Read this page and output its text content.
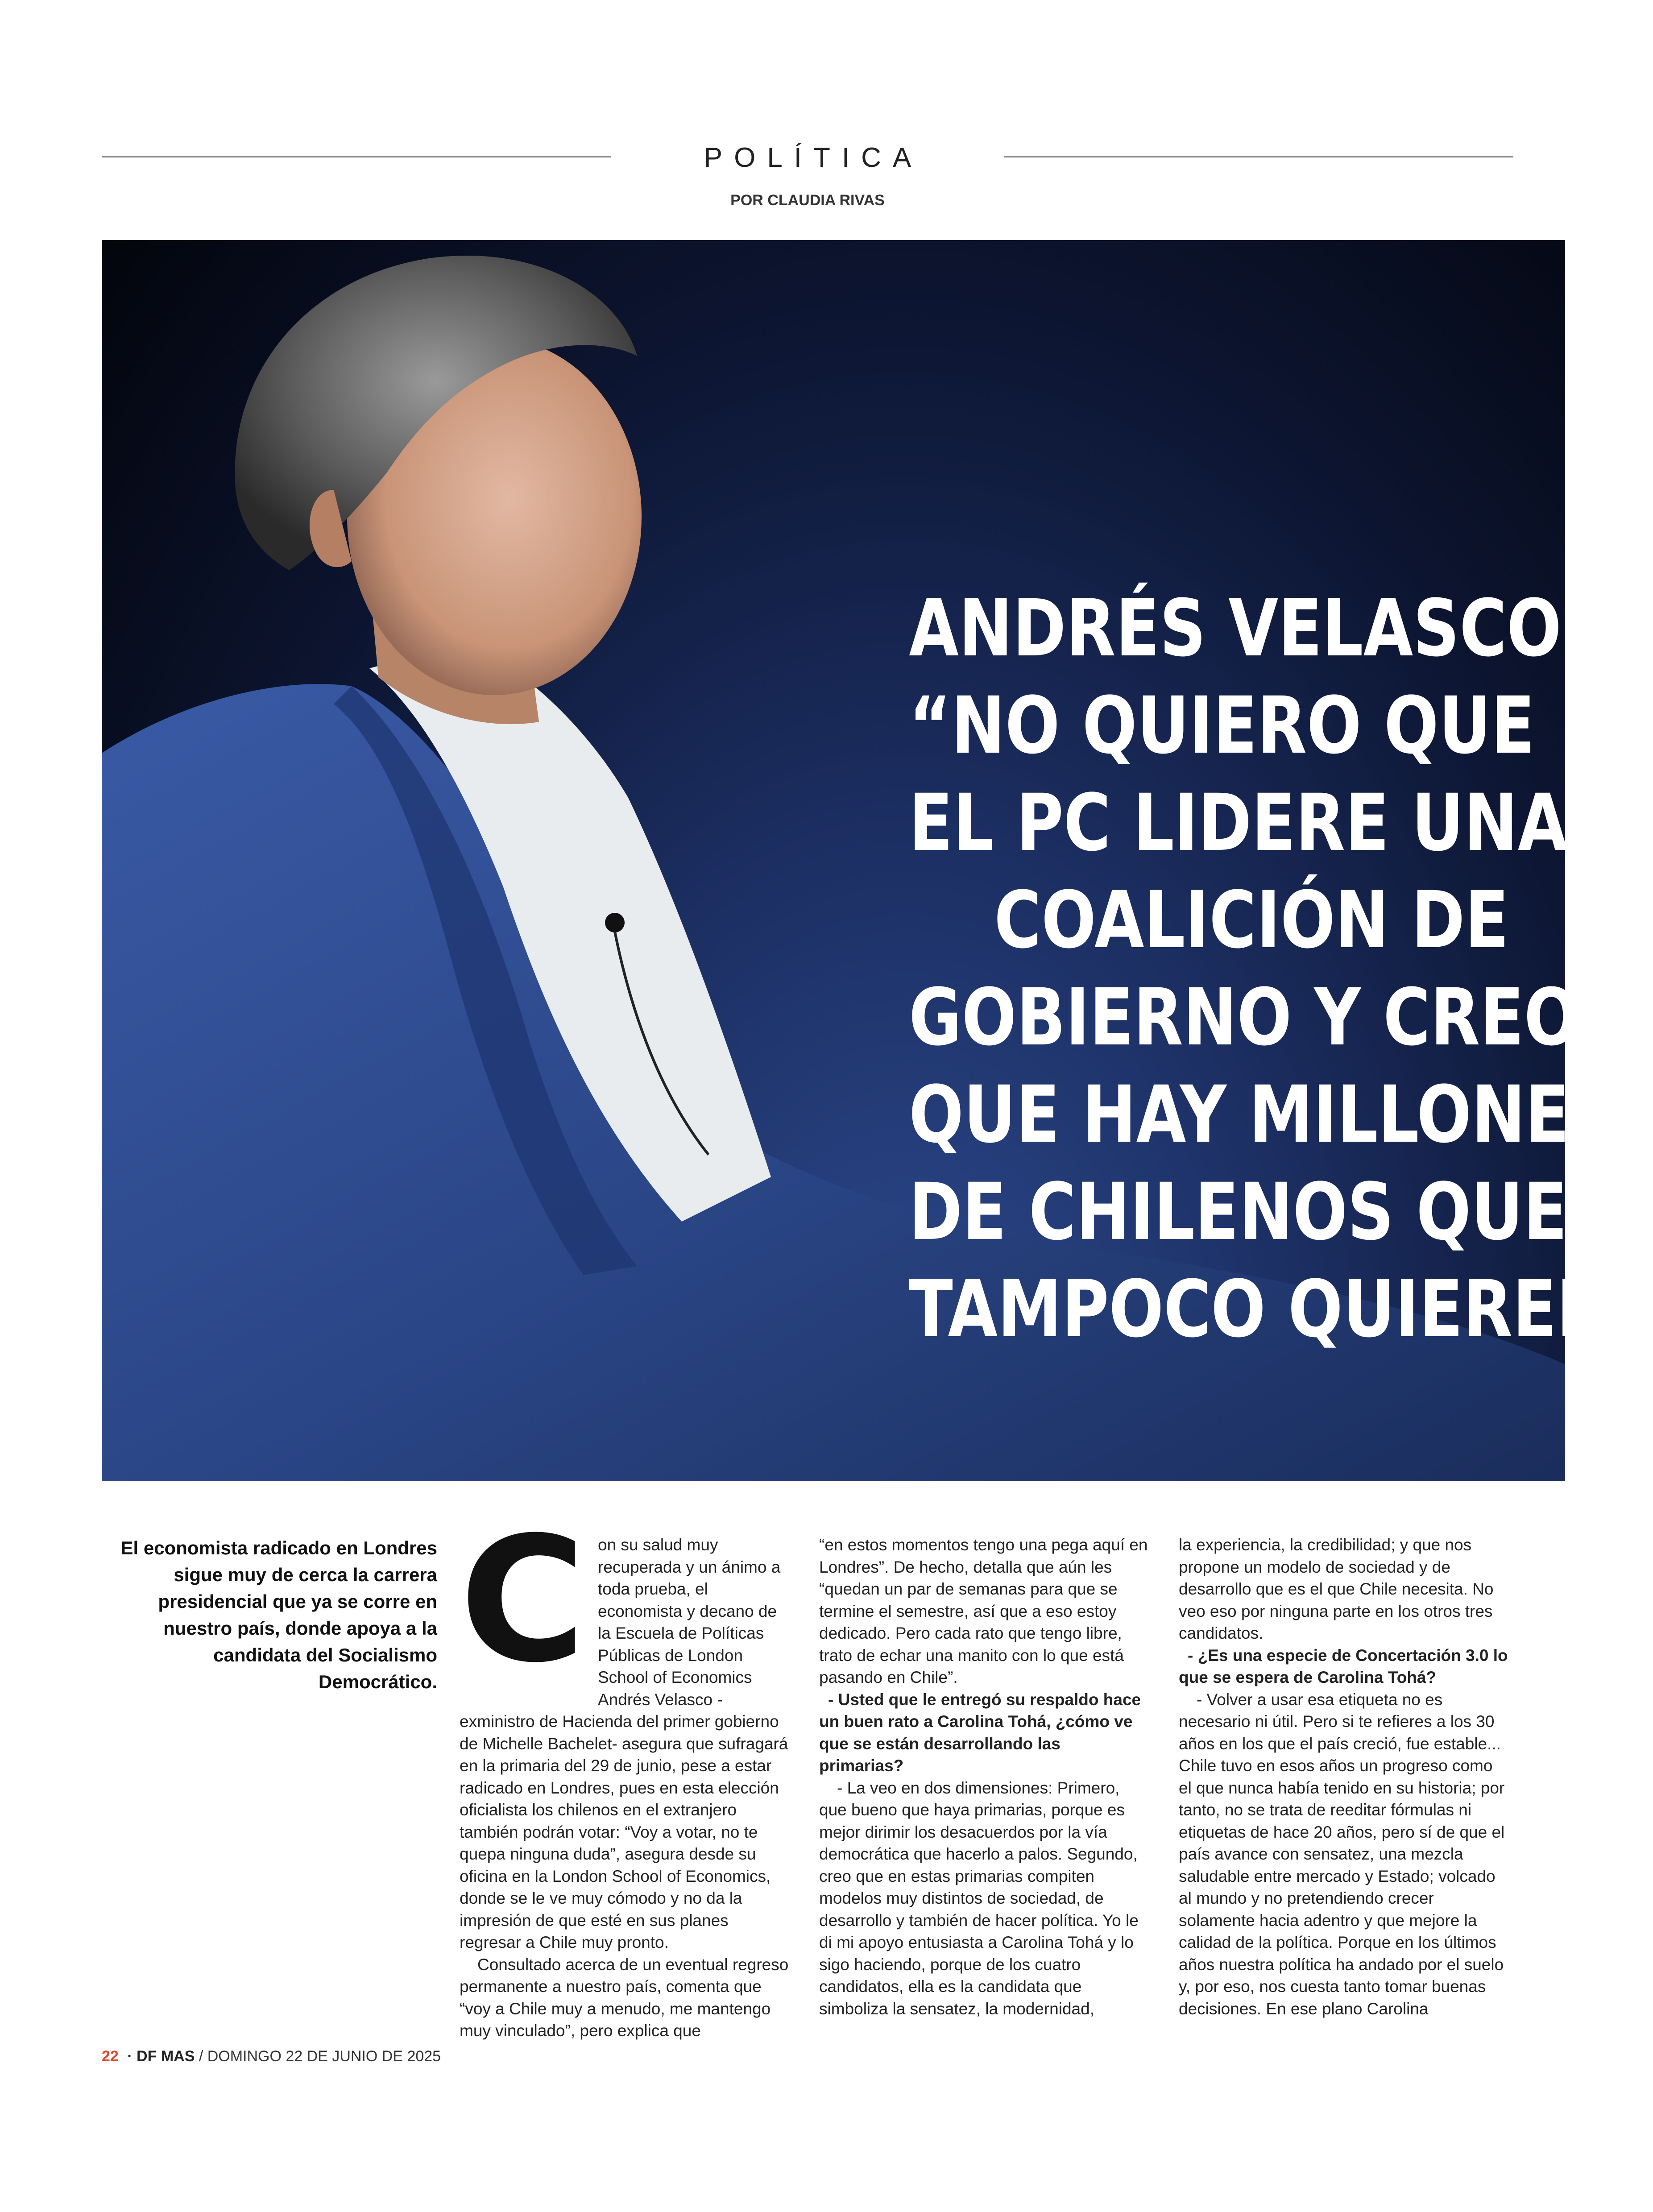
POLÍTICA
POR CLAUDIA RIVAS
ANDRÉS VELASCO:
“NO QUIERO QUE
EL PC LIDERE UNA
COALICIÓN DE
GOBIERNO Y CREO
QUE HAY MILLONES
DE CHILENOS QUE
TAMPOCO QUIEREN”

El economista radicado en Londres sigue muy de cerca la carrera presidencial que ya se corre en nuestro país, donde apoya a la candidata del Socialismo Democrático. C on su salud muy recuperada y un ánimo a toda prueba, el economista y decano de la Escuela de Políticas Públicas de London School of Economics Andrés Velasco -exministro de Hacienda del primer gobierno de Michelle Bachelet- asegura que sufragará en la primaria del 29 de junio, pese a estar radicado en Londres, pues en esta elección oficialista los chilenos en el extranjero también podrán votar: “Voy a votar, no te quepa ninguna duda”, asegura desde su oficina en la London School of Economics, donde se le ve muy cómodo y no da la impresión de que esté en sus planes regresar a Chile muy pronto.

Consultado acerca de un eventual regreso permanente a nuestro país, comenta que “voy a Chile muy a menudo, me mantengo muy vinculado”, pero explica que

“en estos momentos tengo una pega aquí en Londres”. De hecho, detalla que aún les “quedan un par de semanas para que se termine el semestre, así que a eso estoy dedicado. Pero cada rato que tengo libre, trato de echar una manito con lo que está pasando en Chile”.

- Usted que le entregó su respaldo hace un buen rato a Carolina Tohá, ¿cómo ve que se están desarrollando las primarias?

- La veo en dos dimensiones: Primero, que bueno que haya primarias, porque es mejor dirimir los desacuerdos por la vía democrática que hacerlo a palos. Segundo, creo que en estas primarias compiten modelos muy distintos de sociedad, de desarrollo y también de hacer política. Yo le di mi apoyo entusiasta a Carolina Tohá y lo sigo haciendo, porque de los cuatro candidatos, ella es la candidata que simboliza la sensatez, la modernidad,

la experiencia, la credibilidad; y que nos propone un modelo de sociedad y de desarrollo que es el que Chile necesita. No veo eso por ninguna parte en los otros tres candidatos.

- ¿Es una especie de Concertación 3.0 lo que se espera de Carolina Tohá?

- Volver a usar esa etiqueta no es necesario ni útil. Pero si te refieres a los 30 años en los que el país creció, fue estable... Chile tuvo en esos años un progreso como el que nunca había tenido en su historia; por tanto, no se trata de reeditar fórmulas ni etiquetas de hace 20 años, pero sí de que el país avance con sensatez, una mezcla saludable entre mercado y Estado; volcado al mundo y no pretendiendo crecer solamente hacia adentro y que mejore la calidad de la política. Porque en los últimos años nuestra política ha andado por el suelo y, por eso, nos cuesta tanto tomar buenas decisiones. En ese plano Carolina

22 · DF MAS / DOMINGO 22 DE JUNIO DE 2025
